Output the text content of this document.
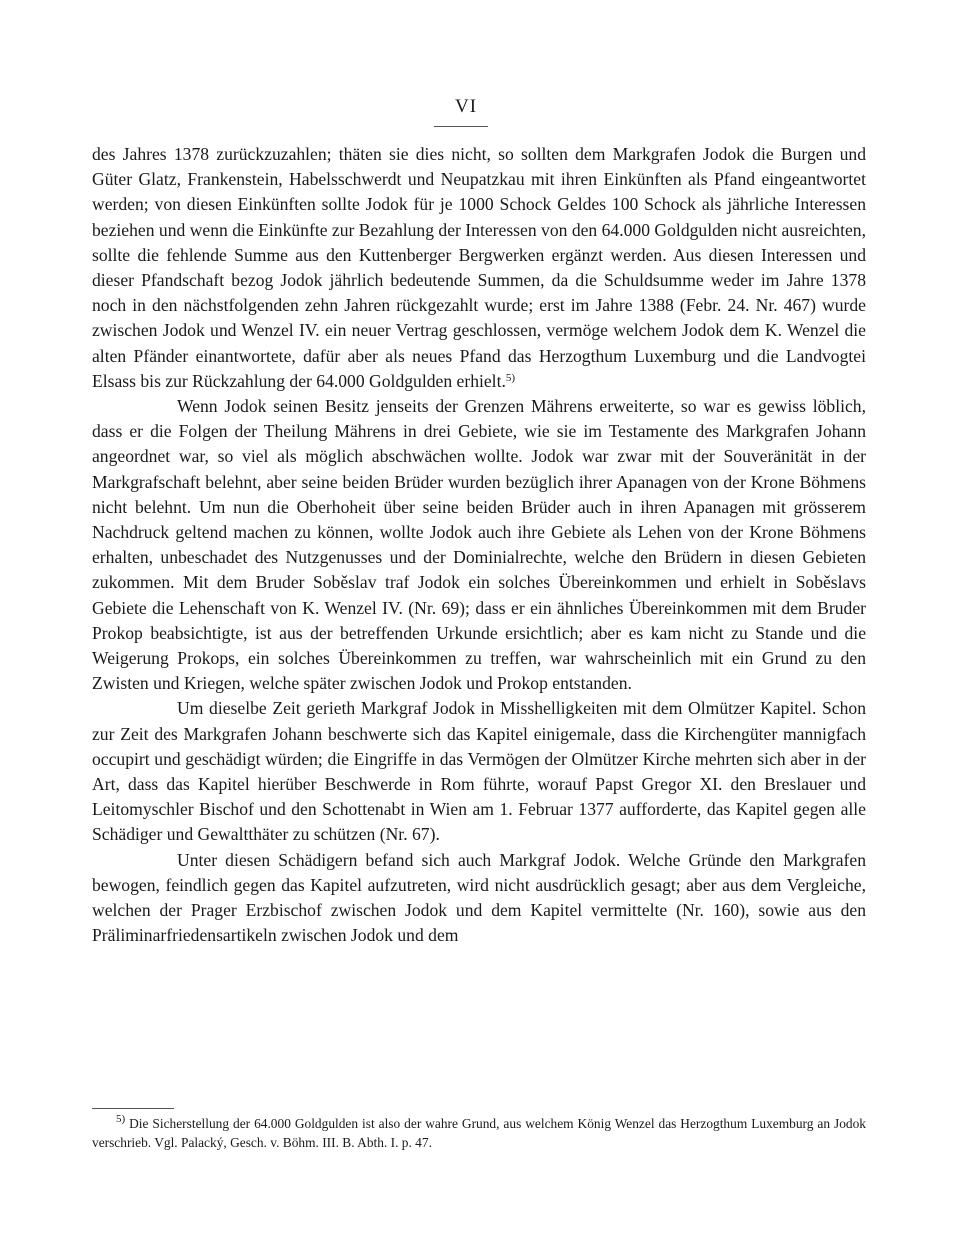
VI

des Jahres 1378 zurückzuzahlen; thäten sie dies nicht, so sollten dem Markgrafen Jodok die Burgen und Güter Glatz, Frankenstein, Habelsschwerdt und Neupatzkau mit ihren Einkünften als Pfand eingeantwortet werden; von diesen Einkünften sollte Jodok für je 1000 Schock Geldes 100 Schock als jährliche Interessen beziehen und wenn die Einkünfte zur Bezahlung der Interessen von den 64.000 Goldgulden nicht ausreichten, sollte die fehlende Summe aus den Kuttenberger Bergwerken ergänzt werden. Aus diesen Interessen und dieser Pfandschaft bezog Jodok jährlich bedeutende Summen, da die Schuldsumme weder im Jahre 1378 noch in den nächstfolgenden zehn Jahren rückgezahlt wurde; erst im Jahre 1388 (Febr. 24. Nr. 467) wurde zwischen Jodok und Wenzel IV. ein neuer Vertrag geschlossen, vermöge welchem Jodok dem K. Wenzel die alten Pfänder einantwortete, dafür aber als neues Pfand das Herzogthum Luxemburg und die Landvogtei Elsass bis zur Rückzahlung der 64.000 Goldgulden erhielt.$^{5)}$

Wenn Jodok seinen Besitz jenseits der Grenzen Mährens erweiterte, so war es gewiss löblich, dass er die Folgen der Theilung Mährens in drei Gebiete, wie sie im Testamente des Markgrafen Johann angeordnet war, so viel als möglich abschwächen wollte. Jodok war zwar mit der Souveränität in der Markgrafschaft belehnt, aber seine beiden Brüder wurden bezüglich ihrer Apanagen von der Krone Böhmens nicht belehnt. Um nun die Oberhoheit über seine beiden Brüder auch in ihren Apanagen mit grösserem Nachdruck geltend machen zu können, wollte Jodok auch ihre Gebiete als Lehen von der Krone Böhmens erhalten, unbeschadet des Nutzgenusses und der Dominialrechte, welche den Brüdern in diesen Gebieten zukommen. Mit dem Bruder Soběslav traf Jodok ein solches Übereinkommen und erhielt in Soběslavs Gebiete die Lehenschaft von K. Wenzel IV. (Nr. 69); dass er ein ähnliches Übereinkommen mit dem Bruder Prokop beabsichtigte, ist aus der betreffenden Urkunde ersichtlich; aber es kam nicht zu Stande und die Weigerung Prokops, ein solches Übereinkommen zu treffen, war wahrscheinlich mit ein Grund zu den Zwisten und Kriegen, welche später zwischen Jodok und Prokop entstanden.

Um dieselbe Zeit gerieth Markgraf Jodok in Misshelligkeiten mit dem Olmützer Kapitel. Schon zur Zeit des Markgrafen Johann beschwerte sich das Kapitel einigemale, dass die Kirchengüter mannigfach occupirt und geschädigt würden; die Eingriffe in das Vermögen der Olmützer Kirche mehrten sich aber in der Art, dass das Kapitel hierüber Beschwerde in Rom führte, worauf Papst Gregor XI. den Breslauer und Leitomyschler Bischof und den Schottenabt in Wien am 1. Februar 1377 aufforderte, das Kapitel gegen alle Schädiger und Gewaltthäter zu schützen (Nr. 67).

Unter diesen Schädigern befand sich auch Markgraf Jodok. Welche Gründe den Markgrafen bewogen, feindlich gegen das Kapitel aufzutreten, wird nicht ausdrücklich gesagt; aber aus dem Vergleiche, welchen der Prager Erzbischof zwischen Jodok und dem Kapitel vermittelte (Nr. 160), sowie aus den Präliminarfriedensartikeln zwischen Jodok und dem

$^{5)}$ Die Sicherstellung der 64.000 Goldgulden ist also der wahre Grund, aus welchem König Wenzel das Herzogthum Luxemburg an Jodok verschrieb. Vgl. Palacký, Gesch. v. Böhm. III. B. Abth. I. p. 47.
